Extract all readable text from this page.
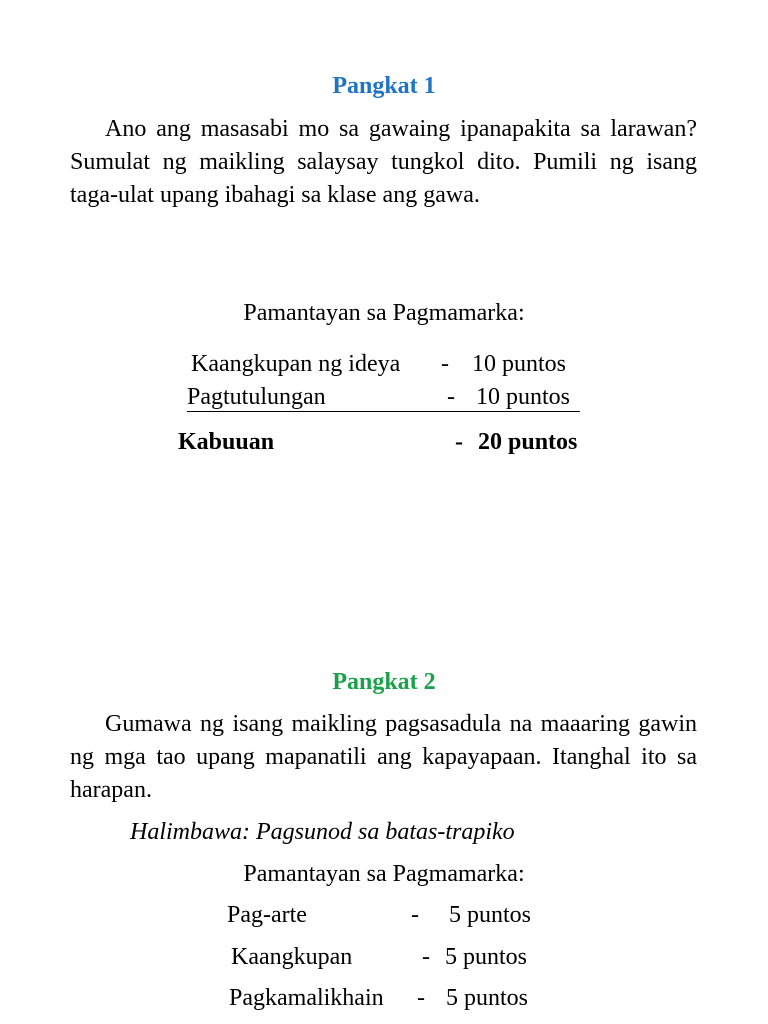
Pangkat 1

Ano ang masasabi mo sa gawaing ipanapakita sa larawan? Sumulat ng maikling salaysay tungkol dito. Pumili ng isang taga-ulat upang ibahagi sa klase ang gawa.

Pamantayan sa Pagmamarka:
Kaangkupan ng ideya - 10 puntos
Pagtutulungan	- 10 puntos
Kabuuan	- 20 puntos
Pangkat 2

Gumawa ng isang maikling pagsasadula na maaaring gawin ng mga tao upang mapanatili ang kapayapaan. Itanghal ito sa harapan.

Halimbawa: Pagsunod sa batas-trapiko
Pamantayan sa Pagmamarka:
Pag-arte	- 5 puntos
Kaangkupan	- 5 puntos
Pagkamalikhain - 5 puntos
